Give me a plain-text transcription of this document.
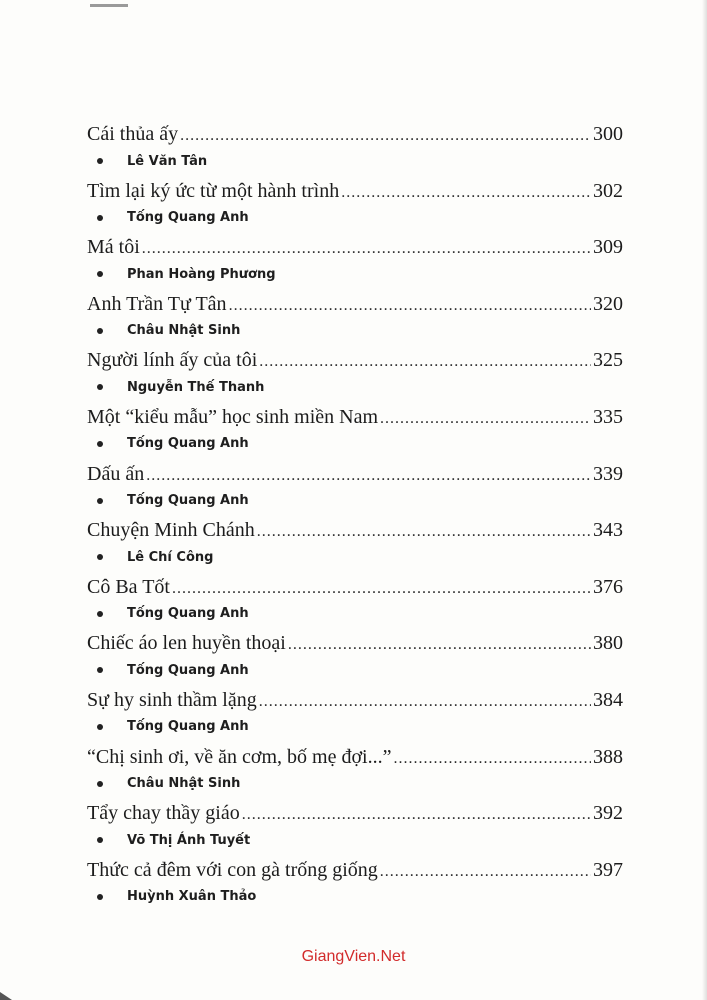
Cái thủa ấy .....	300
Lê Văn Tân
Tìm lại ký ức từ một hành trình .....	302
Tống Quang Anh
Má tôi .....	309
Phan Hoàng Phương
Anh Trần Tự Tân .....	320
Châu Nhật Sinh
Người lính ấy của tôi .....	325
Nguyễn Thế Thanh
Một “kiểu mẫu” học sinh miền Nam .....	335
Tống Quang Anh
Dấu ấn .....	339
Tống Quang Anh
Chuyện Minh Chánh .....	343
Lê Chí Công
Cô Ba Tốt .....	376
Tống Quang Anh
Chiếc áo len huyền thoại .....	380
Tống Quang Anh
Sự hy sinh thầm lặng .....	384
Tống Quang Anh
“Chị sinh ơi, về ăn cơm, bố mẹ đợi...” .....	388
Châu Nhật Sinh
Tẩy chay thầy giáo .....	392
Võ Thị Ánh Tuyết
Thức cả đêm với con gà trống giống .....	397
Huỳnh Xuân Thảo
GiangVien.Net
